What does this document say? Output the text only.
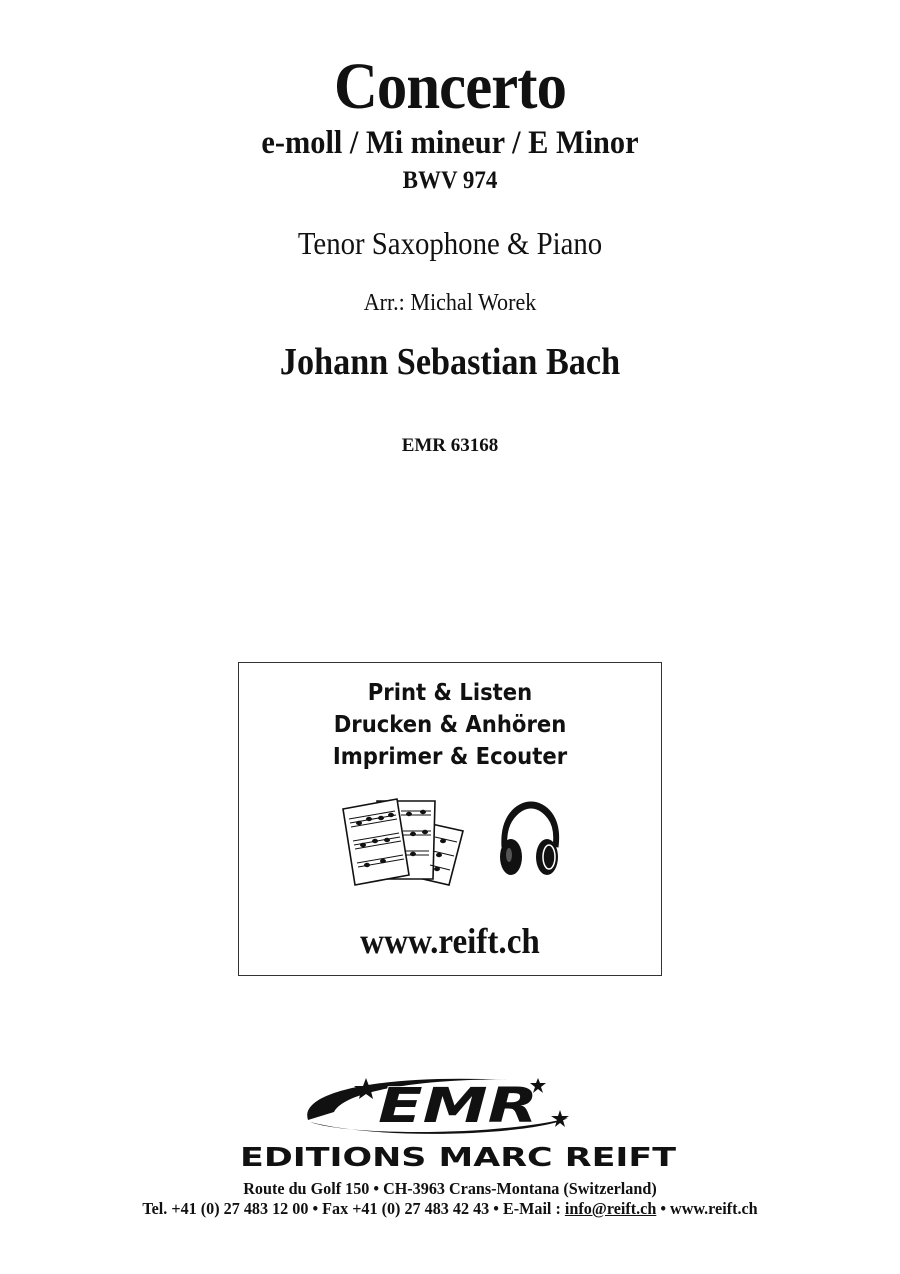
Concerto
e-moll / Mi mineur / E Minor
BWV 974
Tenor Saxophone & Piano
Arr.: Michal Worek
Johann Sebastian Bach
EMR 63168
Print & Listen
Drucken & Anhören
Imprimer & Ecouter
www.reift.ch
EMR
EDITIONS MARC REIFT
Route du Golf 150 • CH-3963 Crans-Montana (Switzerland)
Tel. +41 (0) 27 483 12 00 • Fax +41 (0) 27 483 42 43 • E-Mail : info@reift.ch • www.reift.ch
